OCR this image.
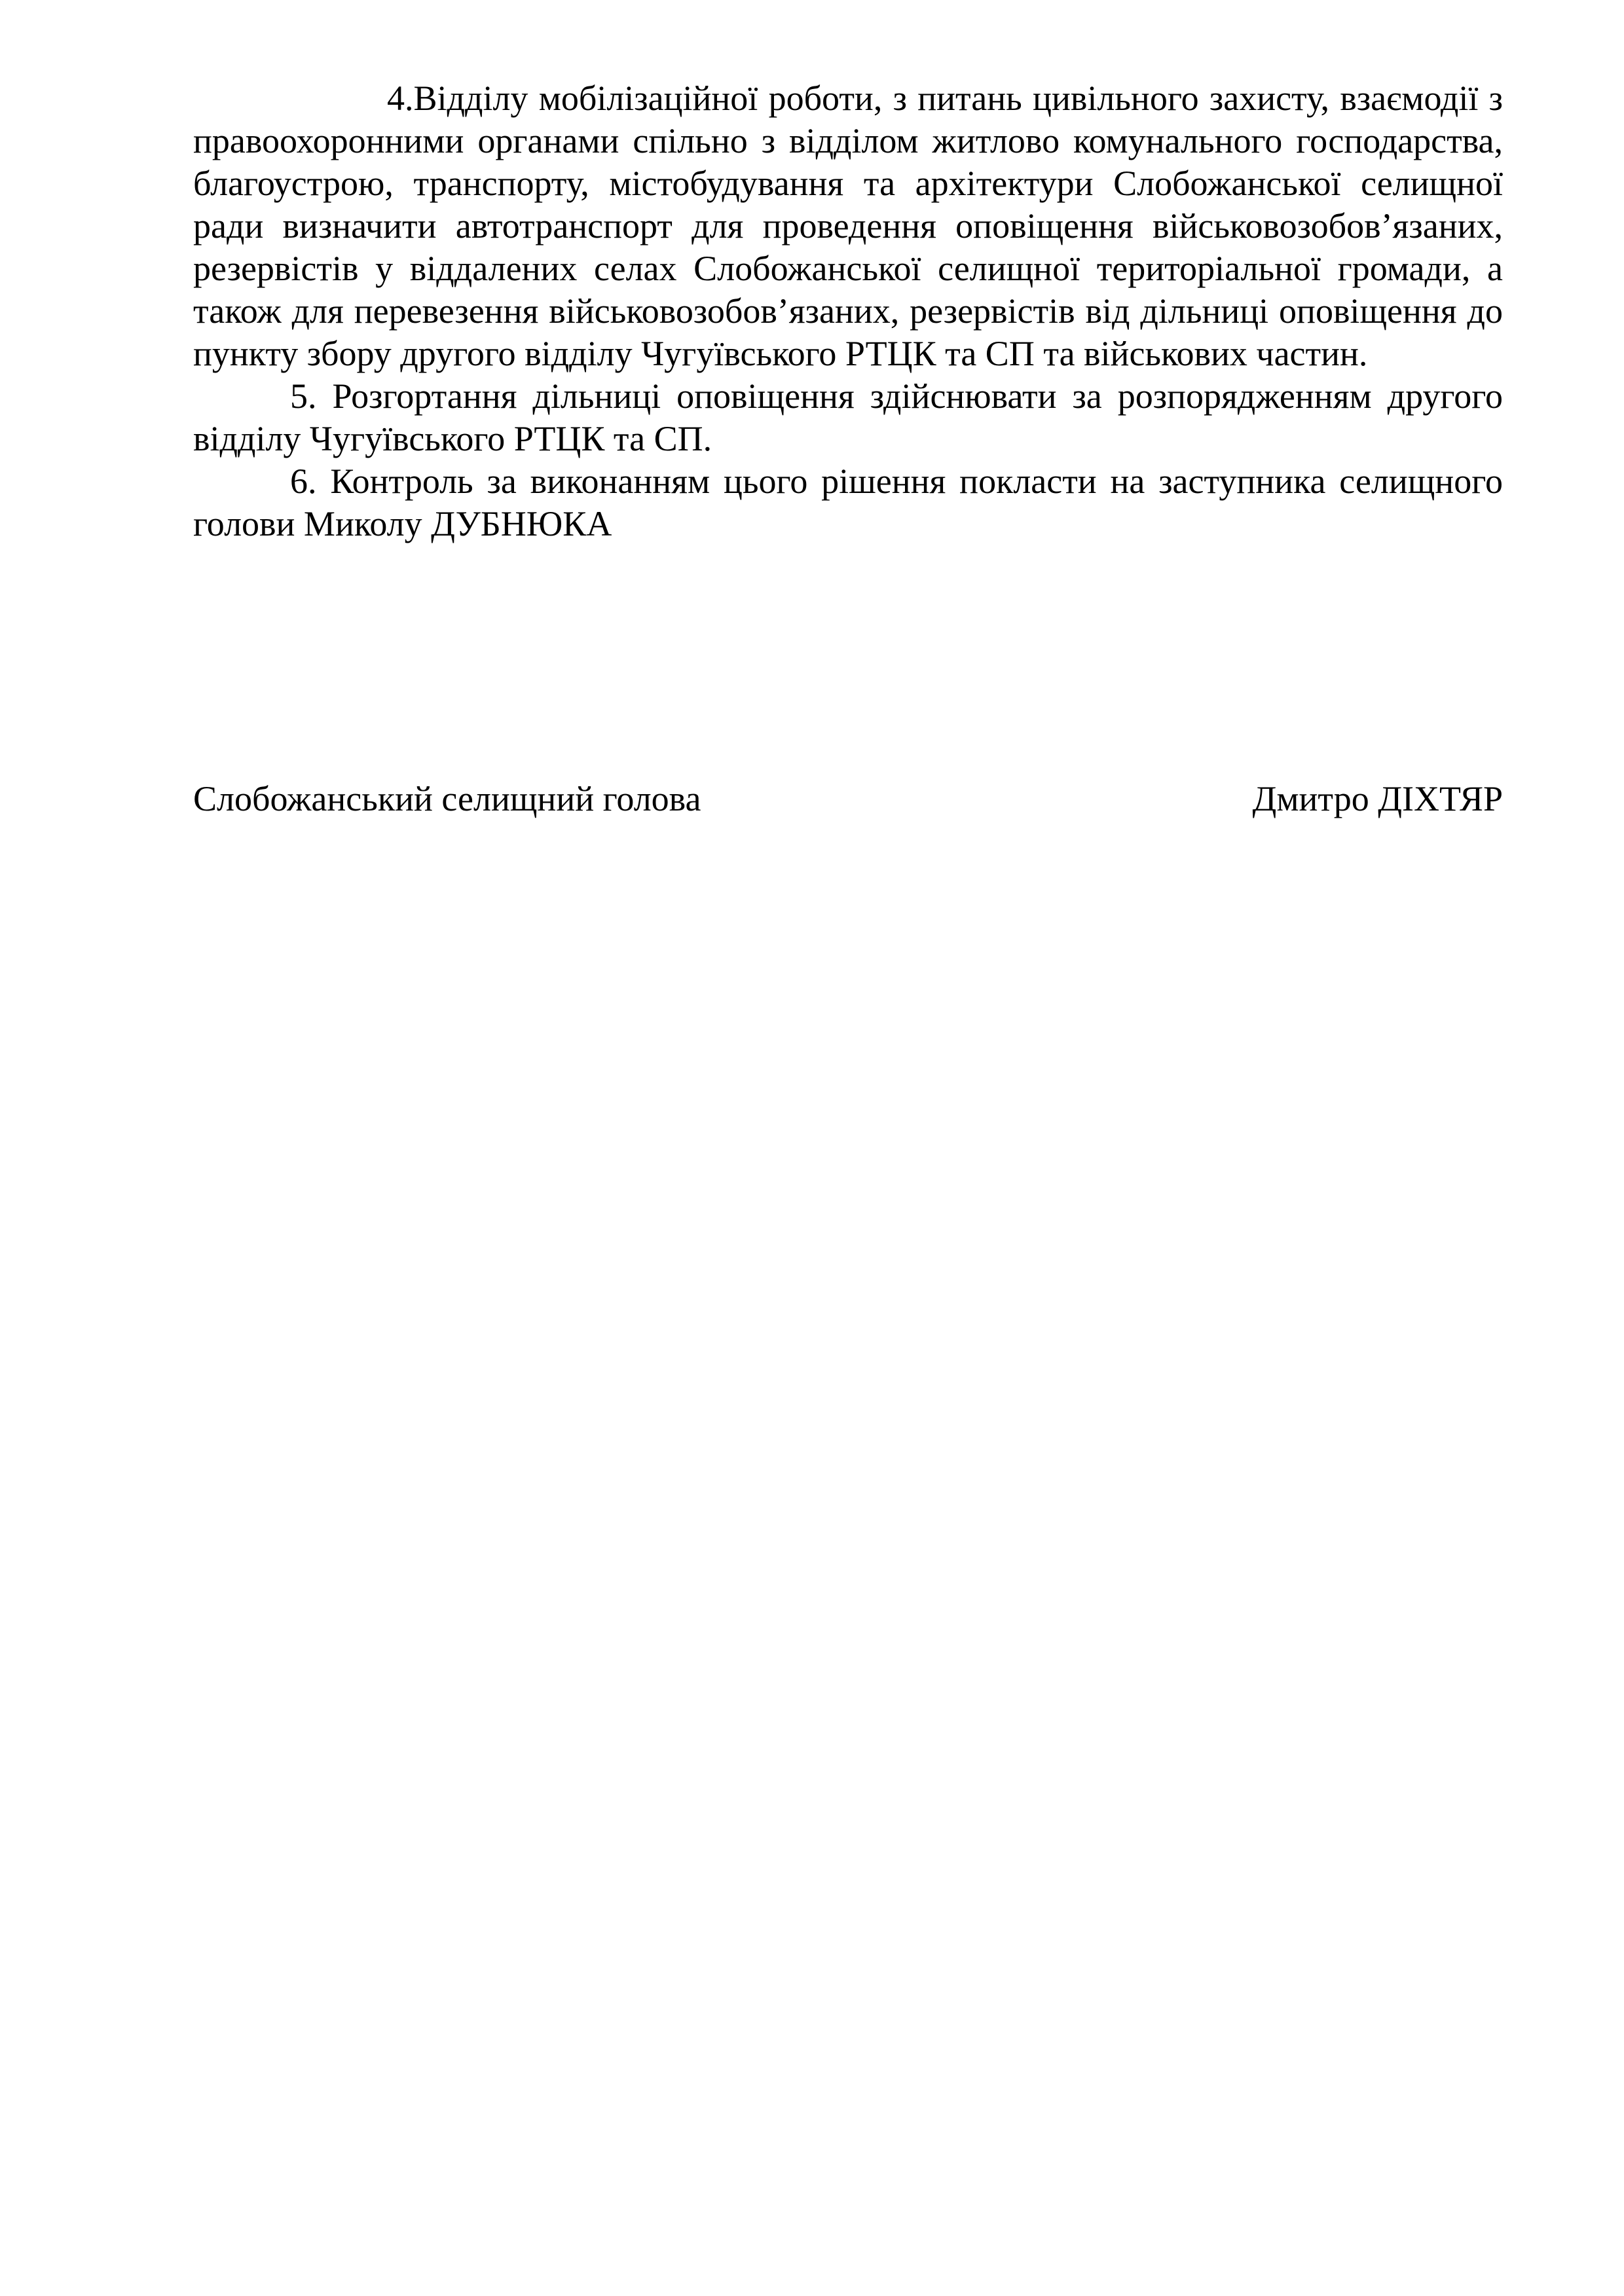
4.Відділу мобілізаційної роботи, з питань цивільного захисту, взаємодії з правоохоронними органами спільно з відділом житлово комунального господарства, благоустрою, транспорту, містобудування та архітектури Слобожанської селищної ради визначити автотранспорт для проведення оповіщення військовозобов’язаних, резервістів у віддалених селах Слобожанської селищної територіальної громади, а також для перевезення військовозобов’язаних, резервістів від дільниці оповіщення до пункту збору другого відділу Чугуївського РТЦК та СП та військових частин.

5. Розгортання дільниці оповіщення здійснювати за розпорядженням другого відділу Чугуївського РТЦК та СП.

6. Контроль за виконанням цього рішення покласти на заступника селищного голови Миколу ДУБНЮКА

Слобожанський селищний голова	Дмитро ДІХТЯР
